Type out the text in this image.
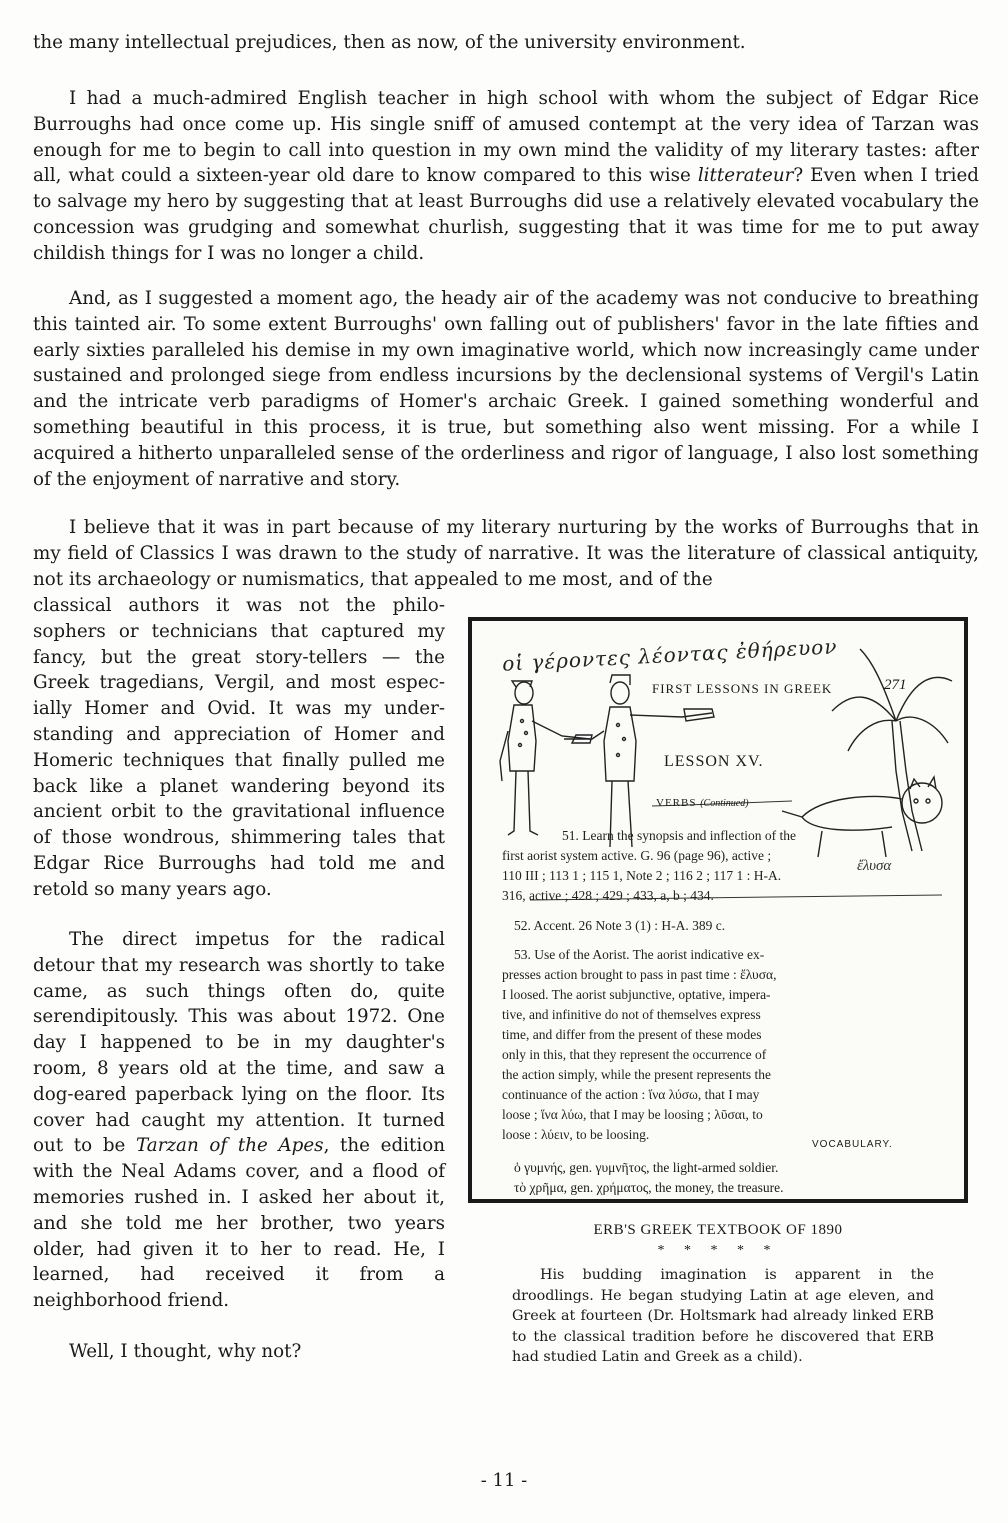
the many intellectual prejudices, then as now, of the university environment.

I had a much-admired English teacher in high school with whom the subject of Edgar Rice Burroughs had once come up. His single sniff of amused contempt at the very idea of Tarzan was enough for me to begin to call into question in my own mind the validity of my literary tastes: after all, what could a sixteen-year old dare to know compared to this wise litterateur? Even when I tried to salvage my hero by suggesting that at least Burroughs did use a relatively elevated vocabulary the concession was grudging and somewhat churlish, suggesting that it was time for me to put away childish things for I was no longer a child.

And, as I suggested a moment ago, the heady air of the academy was not conducive to breathing this tainted air. To some extent Burroughs' own falling out of publishers' favor in the late fifties and early sixties paralleled his demise in my own imaginative world, which now increasingly came under sustained and prolonged siege from endless incursions by the declensional systems of Vergil's Latin and the intricate verb paradigms of Homer's archaic Greek. I gained something wonderful and something beautiful in this process, it is true, but something also went missing. For a while I acquired a hitherto unparalleled sense of the orderliness and rigor of language, I also lost something of the enjoyment of narrative and story.

I believe that it was in part because of my literary nurturing by the works of Burroughs that in my field of Classics I was drawn to the study of narrative. It was the literature of classical antiquity, not its archaeology or numismatics, that appealed to me most, and of the

classical authors it was not the philosophers or technicians that captured my fancy, but the great story-tellers — the Greek tragedians, Vergil, and most especially Homer and Ovid. It was my understanding and appreciation of Homer and Homeric techniques that finally pulled me back like a planet wandering beyond its ancient orbit to the gravitational influence of those wondrous, shimmering tales that Edgar Rice Burroughs had told me and retold so many years ago.

The direct impetus for the radical detour that my research was shortly to take came, as such things often do, quite serendipitously. This was about 1972. One day I happened to be in my daughter's room, 8 years old at the time, and saw a dog-eared paperback lying on the floor. Its cover had caught my attention. It turned out to be Tarzan of the Apes, the edition with the Neal Adams cover, and a flood of memories rushed in. I asked her about it, and she told me her brother, two years older, had given it to her to read. He, I learned, had received it from a neighborhood friend.

Well, I thought, why not?

οἱ γέροντες λέοντας ἐθήρευον
FIRST LESSONS IN GREEK	271
LESSON XV.
VERBS (Continued)
51. Learn the synopsis and inflection of the
first aorist system active. G. 96 (page 96), active ;
110 III ; 113 1 ; 115 1, Note 2 ; 116 2 ; 117 1 : H-A.
316, active ; 428 ; 429 ; 433, a, b ; 434.
ἔλυσα
52. Accent. 26 Note 3 (1) : H-A. 389 c.
53. Use of the Aorist. The aorist indicative ex-
presses action brought to pass in past time : ἔλυσα,
I loosed. The aorist subjunctive, optative, impera-
tive, and infinitive do not of themselves express
time, and differ from the present of these modes
only in this, that they represent the occurrence of
the action simply, while the present represents the
continuance of the action : ἵνα λύσω, that I may
loose ; ἵνα λύω, that I may be loosing ; λῦσαι, to
loose : λύειν, to be loosing.
VOCABULARY.
ὁ γυμνής, gen. γυμνῆτος, the light-armed soldier.
τὸ χρῆμα, gen. χρήματος, the money, the treasure.
ERB'S GREEK TEXTBOOK OF 1890
* * * * *

His budding imagination is apparent in the droodlings. He began studying Latin at age eleven, and Greek at fourteen (Dr. Holtsmark had already linked ERB to the classical tradition before he discovered that ERB had studied Latin and Greek as a child).

- 11 -
